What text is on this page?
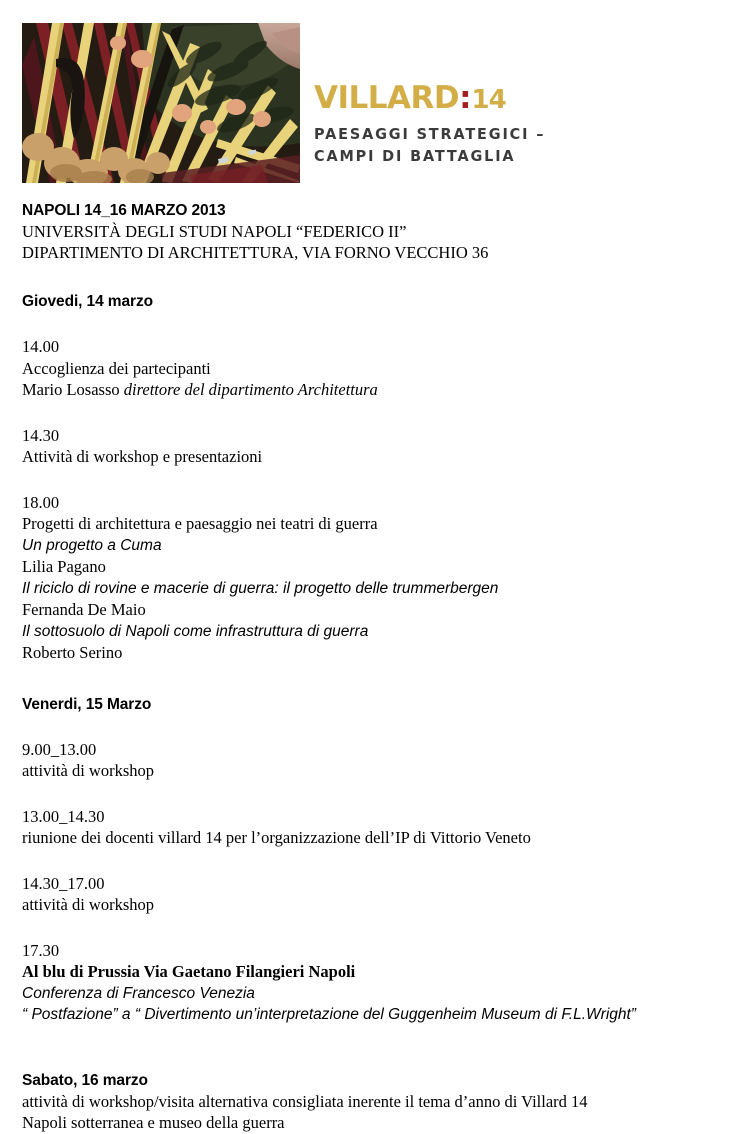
VILLARD:14
PAESAGGI STRATEGICI –
CAMPI DI BATTAGLIA
NAPOLI 14_16 MARZO 2013
UNIVERSITÀ DEGLI STUDI NAPOLI “FEDERICO II”
DIPARTIMENTO DI ARCHITETTURA, VIA FORNO VECCHIO 36
Giovedi, 14 marzo
14.00
Accoglienza dei partecipanti
Mario Losasso direttore del dipartimento Architettura
14.30
Attività di workshop e presentazioni
18.00
Progetti di architettura e paesaggio nei teatri di guerra
Un progetto a Cuma
Lilia Pagano
Il riciclo di rovine e macerie di guerra: il progetto delle trummerbergen
Fernanda De Maio
Il sottosuolo di Napoli come infrastruttura di guerra
Roberto Serino
Venerdi, 15 Marzo
9.00_13.00
attività di workshop
13.00_14.30
riunione dei docenti villard 14 per l’organizzazione dell’IP di Vittorio Veneto
14.30_17.00
attività di workshop
17.30
Al blu di Prussia Via Gaetano Filangieri Napoli
Conferenza di Francesco Venezia
“ Postfazione” a “ Divertimento un’interpretazione del Guggenheim Museum di F.L.Wright”
Sabato, 16 marzo
attività di workshop/visita alternativa consigliata inerente il tema d’anno di Villard 14
Napoli sotterranea e museo della guerra
